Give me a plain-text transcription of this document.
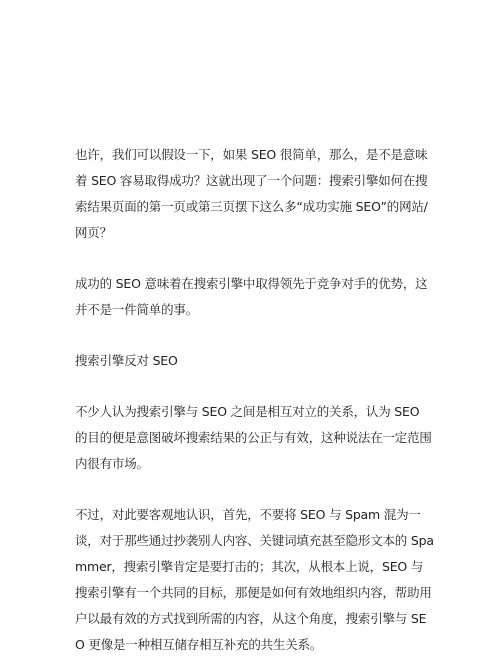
也许，我们可以假设一下，如果 SEO 很简单，那么，是不是意味着 SEO 容易取得成功？这就出现了一个问题：搜索引擎如何在搜索结果页面的第一页或第三页摆下这么多“成功实施 SEO”的网站/网页？

成功的 SEO 意味着在搜索引擎中取得领先于竞争对手的优势，这并不是一件简单的事。

搜索引擎反对 SEO

不少人认为搜索引擎与 SEO 之间是相互对立的关系，认为 SEO 的目的便是意图破坏搜索结果的公正与有效，这种说法在一定范围内很有市场。

不过，对此要客观地认识，首先，不要将 SEO 与 Spam 混为一谈，对于那些通过抄袭别人内容、关键词填充甚至隐形文本的 Spammer，搜索引擎肯定是要打击的；其次，从根本上说，SEO 与搜索引擎有一个共同的目标，那便是如何有效地组织内容，帮助用户以最有效的方式找到所需的内容，从这个角度，搜索引擎与 SEO 更像是一种相互储存相互补充的共生关系。
